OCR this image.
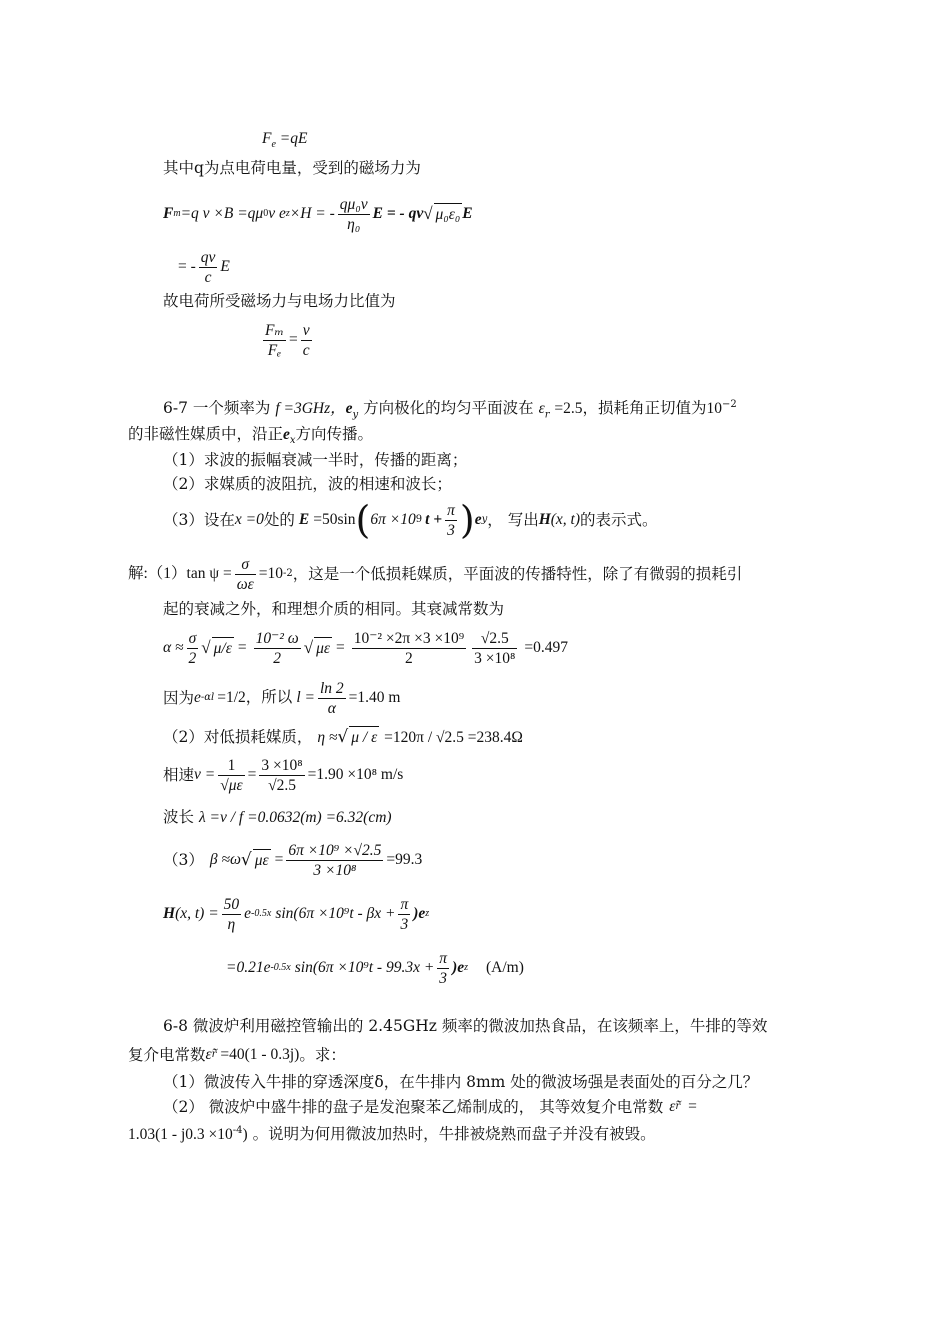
$F_e =qE$
其中q为点电荷电量，受到的磁场力为
F m =q v ×B =qμ 0 v e z ×H = - $\frac{\text{qμ₀v}}{\text{η₀}}$ E = - qv √ μ₀ε₀ E
= - $\frac{qv}{c}$ E
故电荷所受磁场力与电场力比值为
$\frac{\text{Fₘ}}{\text{Fₑ}} = \frac{v}{c}$
6-7 一个频率为 f =3GHz，$e_y$ 方向极化的均匀平面波在 $\varepsilon_r =2.5$，损耗角正切值为$10^{-2}$
的非磁性媒质中，沿正$e_x$方向传播。
（1）求波的振幅衰减一半时，传播的距离；
（2）求媒质的波阻抗，波的相速和波长；
（3）设在 x =0 处的 E =50sin ( 6π ×10 9 $t + \frac{\pi}{3}$ ) e y ， 写出 H (x, t) 的表示式。
解:（1）tan $\psi = \frac{\sigma}{\omega\varepsilon} =10$ -2 ，这是一个低损耗媒质，平面波的传播特性，除了有微弱的损耗引
起的衰减之外，和理想介质的相同。其衰减常数为
$\alpha \approx \frac{\sigma}{2}$ √ $\mu/\varepsilon = \frac{\text{10⁻² ω}}{2}$ √ $\mu\varepsilon = \frac{\text{10⁻² ×2π ×3 ×10⁹}}{2} \frac{√2.5}{\text{3 ×10⁸}} =0.497$
因为 e -αl =1/2，所以 $l = \frac{\ln 2}{\alpha} =1.40$ m
（2）对低损耗媒质， η ≈√ μ / ε =120π / √2.5 =238.4Ω
相速 $v = \frac{1}{√\mu\varepsilon} = \frac{\text{3 ×10⁸}}{√2.5} =1.90 \times 10^8$ m/s
波长 λ =v / f =0.0632(m) =6.32(cm)
（3） β ≈ω √ $\mu\varepsilon = \frac{\text{6π ×10⁹ ×√2.5}}{\text{3 ×10⁸}} =99.3$
H (x, $t) = \frac{50}{\eta}$ e -0.5x $\sin(6\pi \times 10^9t - \beta x + \frac{\pi}{3} )e$ z
=0.21e -0.5x $\sin(6\pi \times 10^9t - 99.3x + \frac{\pi}{3} )e$ z (A/m)
6-8 微波炉利用磁控管输出的 2.45GHz 频率的微波加热食品，在该频率上，牛排的等效
复介电常数 ε̃ r =40(1 - 0.3j) 。求：
（1）微波传入牛排的穿透深度δ，在牛排内 8mm 处的微波场强是表面处的百分之几？
（2） 微波炉中盛牛排的盘子是发泡聚苯乙烯制成的， 其等效复介电常数 ε̃ r =
$1.03(1 - j0.3 \times 10^{-4})$ 。说明为何用微波加热时，牛排被烧熟而盘子并没有被毁。
